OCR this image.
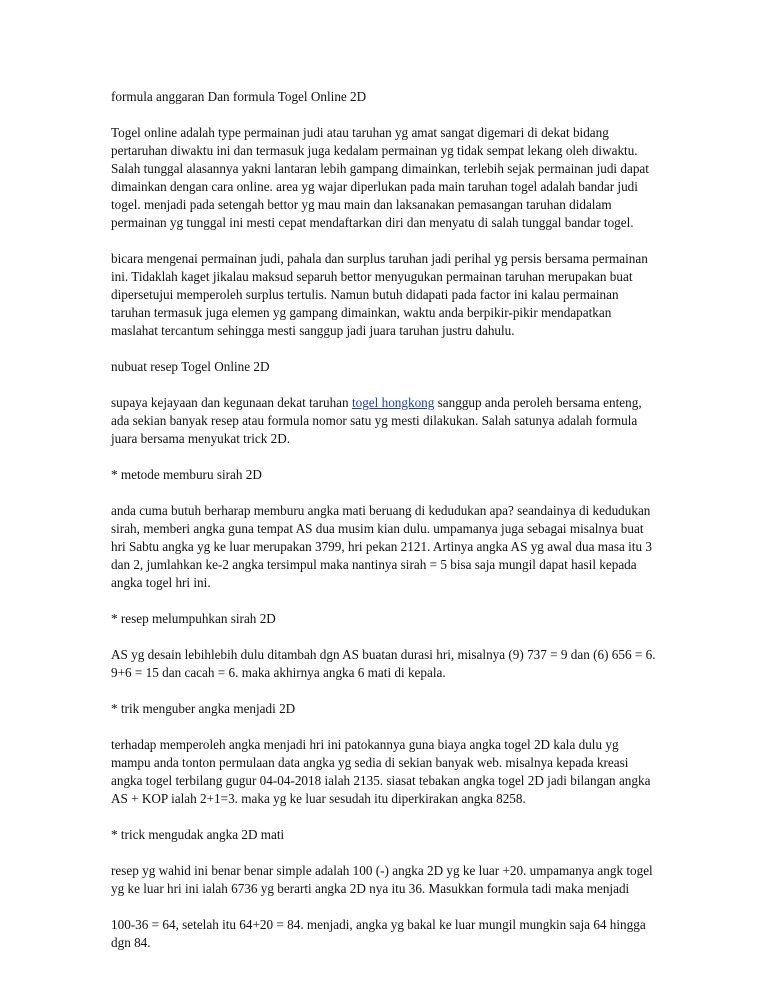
formula anggaran Dan formula Togel Online 2D

Togel online adalah type permainan judi atau taruhan yg amat sangat digemari di dekat bidang pertaruhan diwaktu ini dan termasuk juga kedalam permainan yg tidak sempat lekang oleh diwaktu. Salah tunggal alasannya yakni lantaran lebih gampang dimainkan, terlebih sejak permainan judi dapat dimainkan dengan cara online. area yg wajar diperlukan pada main taruhan togel adalah bandar judi togel. menjadi pada setengah bettor yg mau main dan laksanakan pemasangan taruhan didalam permainan yg tunggal ini mesti cepat mendaftarkan diri dan menyatu di salah tunggal bandar togel.

bicara mengenai permainan judi, pahala dan surplus taruhan jadi perihal yg persis bersama permainan ini. Tidaklah kaget jikalau maksud separuh bettor menyugukan permainan taruhan merupakan buat dipersetujui memperoleh surplus tertulis. Namun butuh didapati pada factor ini kalau permainan taruhan termasuk juga elemen yg gampang dimainkan, waktu anda berpikir-pikir mendapatkan maslahat tercantum sehingga mesti sanggup jadi juara taruhan justru dahulu.

nubuat resep Togel Online 2D

supaya kejayaan dan kegunaan dekat taruhan togel hongkong sanggup anda peroleh bersama enteng, ada sekian banyak resep atau formula nomor satu yg mesti dilakukan. Salah satunya adalah formula juara bersama menyukat trick 2D.

* metode memburu sirah 2D

anda cuma butuh berharap memburu angka mati beruang di kedudukan apa? seandainya di kedudukan sirah, memberi angka guna tempat AS dua musim kian dulu. umpamanya juga sebagai misalnya buat hri Sabtu angka yg ke luar merupakan 3799, hri pekan 2121. Artinya angka AS yg awal dua masa itu 3 dan 2, jumlahkan ke-2 angka tersimpul maka nantinya sirah = 5 bisa saja mungil dapat hasil kepada angka togel hri ini.

* resep melumpuhkan sirah 2D

AS yg desain lebihlebih dulu ditambah dgn AS buatan durasi hri, misalnya (9) 737 = 9 dan (6) 656 = 6. 9+6 = 15 dan cacah = 6. maka akhirnya angka 6 mati di kepala.

* trik menguber angka menjadi 2D

terhadap memperoleh angka menjadi hri ini patokannya guna biaya angka togel 2D kala dulu yg mampu anda tonton permulaan data angka yg sedia di sekian banyak web. misalnya kepada kreasi angka togel terbilang gugur 04-04-2018 ialah 2135. siasat tebakan angka togel 2D jadi bilangan angka AS + KOP ialah 2+1=3. maka yg ke luar sesudah itu diperkirakan angka 8258.

* trick mengudak angka 2D mati

resep yg wahid ini benar benar simple adalah 100 (-) angka 2D yg ke luar +20. umpamanya angk togel yg ke luar hri ini ialah 6736 yg berarti angka 2D nya itu 36. Masukkan formula tadi maka menjadi

100-36 = 64, setelah itu 64+20 = 84. menjadi, angka yg bakal ke luar mungil mungkin saja 64 hingga dgn 84.
